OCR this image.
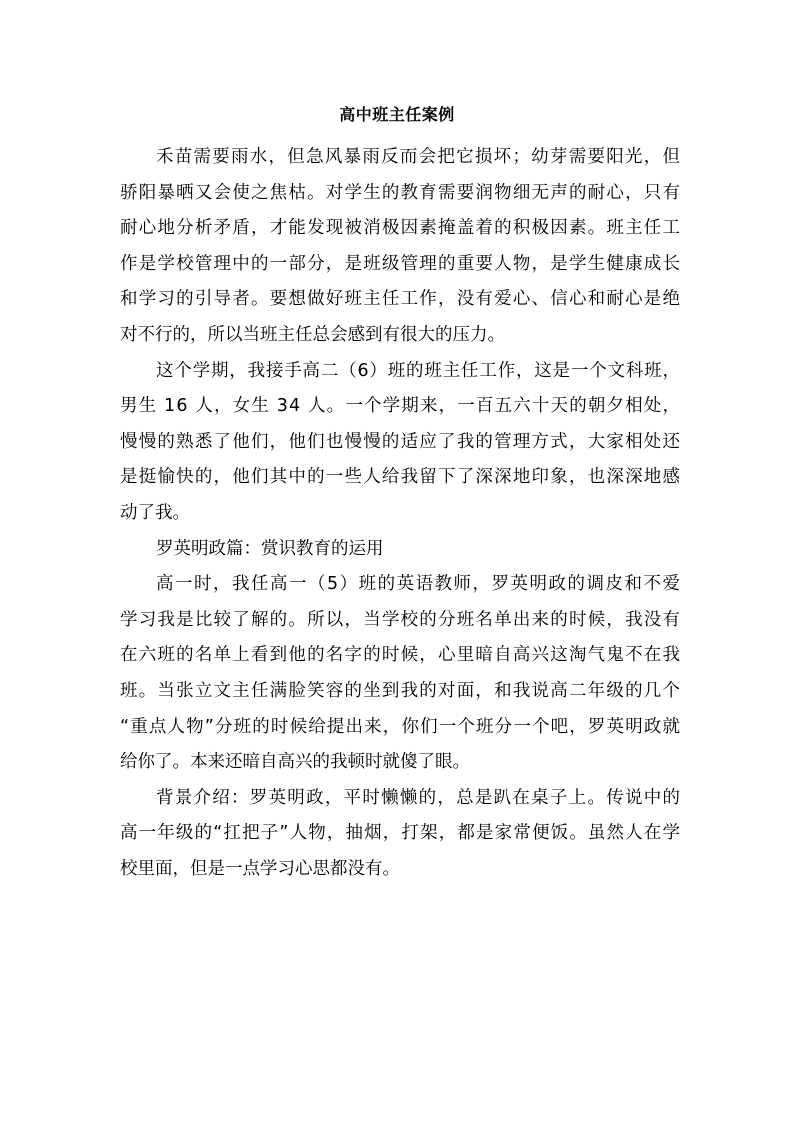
高中班主任案例
禾苗需要雨水，但急风暴雨反而会把它损坏；幼芽需要阳光，但
骄阳暴晒又会使之焦枯。对学生的教育需要润物细无声的耐心，只有
耐心地分析矛盾，才能发现被消极因素掩盖着的积极因素。班主任工
作是学校管理中的一部分，是班级管理的重要人物，是学生健康成长
和学习的引导者。要想做好班主任工作，没有爱心、信心和耐心是绝
对不行的，所以当班主任总会感到有很大的压力。
这个学期，我接手高二（6）班的班主任工作，这是一个文科班，
男生 16 人，女生 34 人。一个学期来，一百五六十天的朝夕相处，
慢慢的熟悉了他们，他们也慢慢的适应了我的管理方式，大家相处还
是挺愉快的，他们其中的一些人给我留下了深深地印象，也深深地感
动了我。
罗英明政篇：赏识教育的运用
高一时，我任高一（5）班的英语教师，罗英明政的调皮和不爱
学习我是比较了解的。所以，当学校的分班名单出来的时候，我没有
在六班的名单上看到他的名字的时候，心里暗自高兴这淘气鬼不在我
班。当张立文主任满脸笑容的坐到我的对面，和我说高二年级的几个
“重点人物”分班的时候给提出来，你们一个班分一个吧，罗英明政就
给你了。本来还暗自高兴的我顿时就傻了眼。
背景介绍：罗英明政，平时懒懒的，总是趴在桌子上。传说中的
高一年级的“扛把子”人物，抽烟，打架，都是家常便饭。虽然人在学
校里面，但是一点学习心思都没有。
